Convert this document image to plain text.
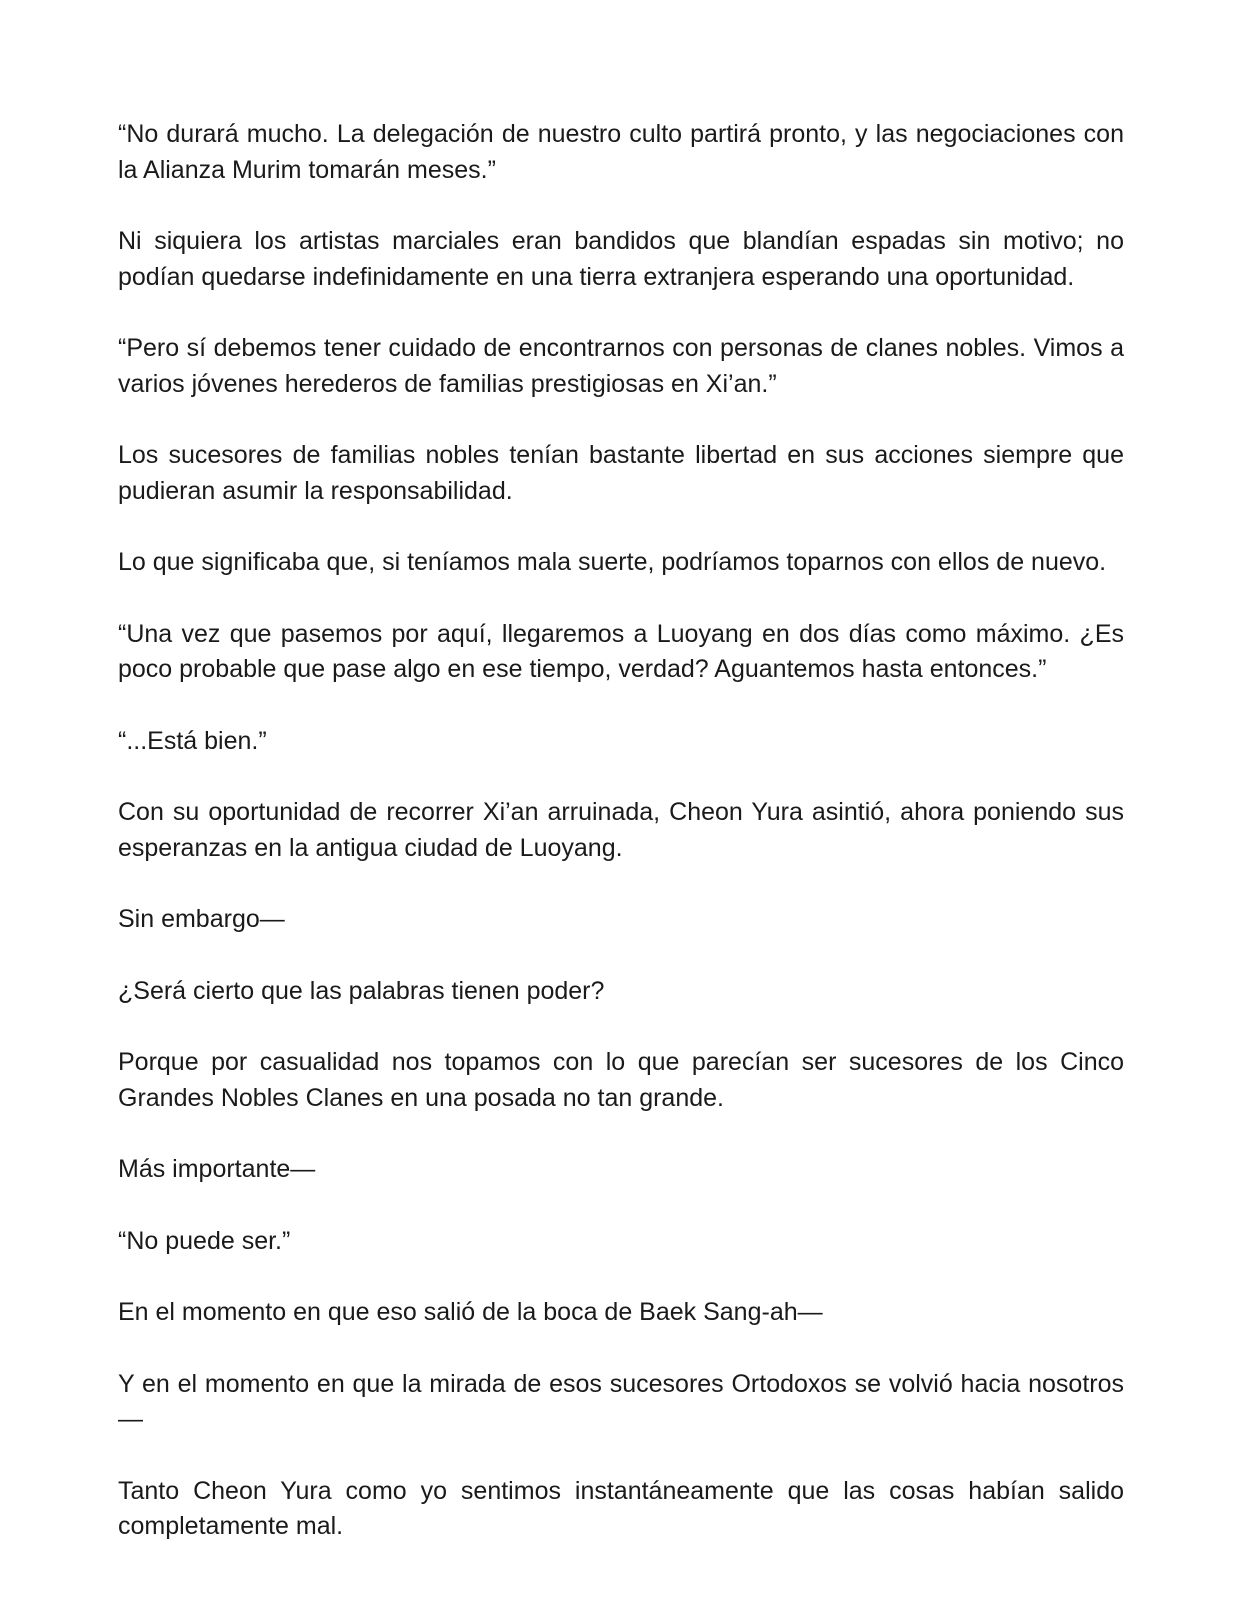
“No durará mucho. La delegación de nuestro culto partirá pronto, y las negociaciones con la Alianza Murim tomarán meses.”

Ni siquiera los artistas marciales eran bandidos que blandían espadas sin motivo; no podían quedarse indefinidamente en una tierra extranjera esperando una oportunidad.

“Pero sí debemos tener cuidado de encontrarnos con personas de clanes nobles. Vimos a varios jóvenes herederos de familias prestigiosas en Xi’an.”

Los sucesores de familias nobles tenían bastante libertad en sus acciones siempre que pudieran asumir la responsabilidad.

Lo que significaba que, si teníamos mala suerte, podríamos toparnos con ellos de nuevo.

“Una vez que pasemos por aquí, llegaremos a Luoyang en dos días como máximo. ¿Es poco probable que pase algo en ese tiempo, verdad? Aguantemos hasta entonces.”

“...Está bien.”

Con su oportunidad de recorrer Xi’an arruinada, Cheon Yura asintió, ahora poniendo sus esperanzas en la antigua ciudad de Luoyang.

Sin embargo—

¿Será cierto que las palabras tienen poder?

Porque por casualidad nos topamos con lo que parecían ser sucesores de los Cinco Grandes Nobles Clanes en una posada no tan grande.

Más importante—

“No puede ser.”

En el momento en que eso salió de la boca de Baek Sang-ah—

Y en el momento en que la mirada de esos sucesores Ortodoxos se volvió hacia nosotros—

Tanto Cheon Yura como yo sentimos instantáneamente que las cosas habían salido completamente mal.
